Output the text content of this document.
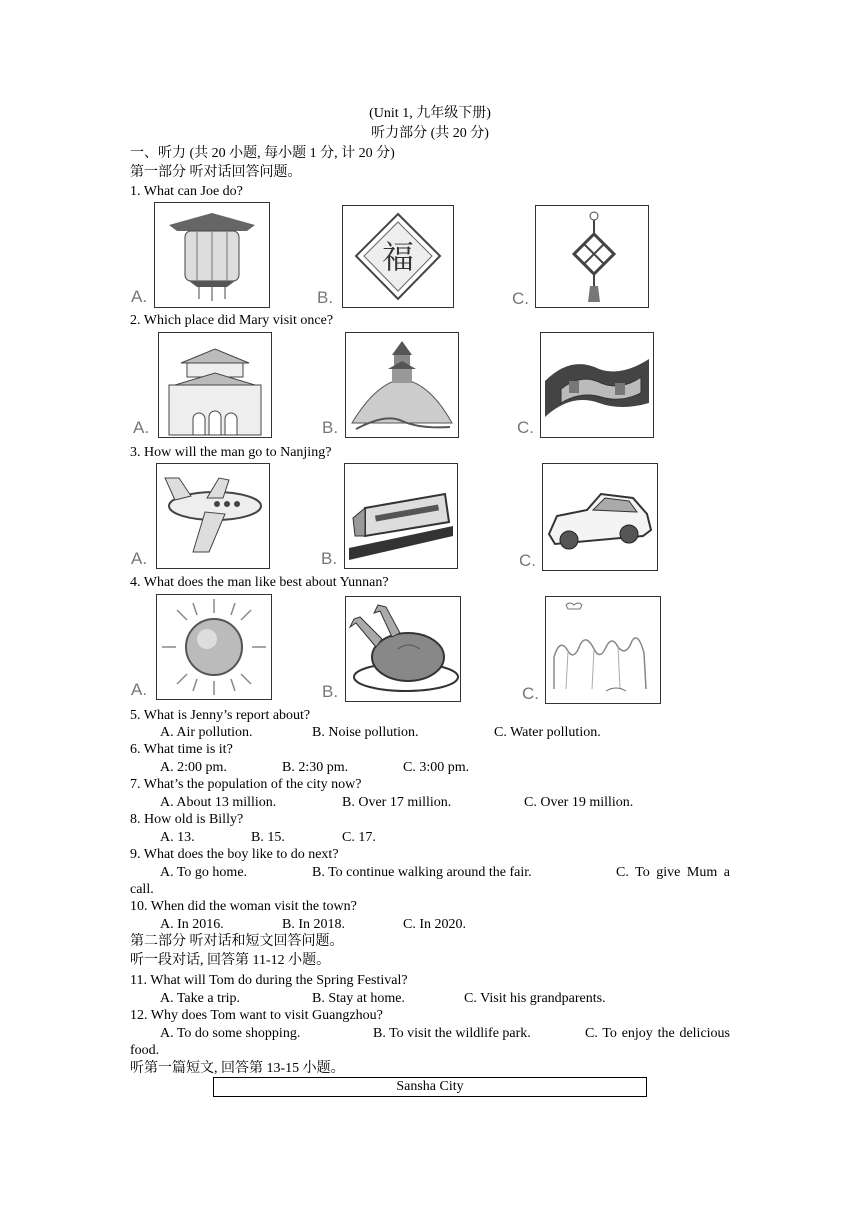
(Unit 1, 九年级下册)
听力部分 (共 20 分)
一、听力 (共 20 小题, 每小题 1 分, 计 20 分)
第一部分 听对话回答问题。
1. What can Joe do?
A.
福
B.	C.
2. Which place did Mary visit once?
A.	B.	C.
3. How will the man go to Nanjing?
A.	B.	C.
4. What does the man like best about Yunnan?
A.	B.	C.
5. What is Jenny’s report about?
A. Air pollution.	B. Noise pollution.	C. Water pollution.
6. What time is it?
A. 2:00 pm.	B. 2:30 pm.	C. 3:00 pm.
7. What’s the population of the city now?
A. About 13 million.	B. Over 17 million.	C. Over 19 million.
8. How old is Billy?
A. 13.	B. 15.	C. 17.
9. What does the boy like to do next?
A. To go home.	B. To continue walking around the fair.	C. To give Mum a call.
10. When did the woman visit the town?
A. In 2016.	B. In 2018.	C. In 2020.
第二部分 听对话和短文回答问题。
听一段对话, 回答第 11-12 小题。
11. What will Tom do during the Spring Festival?
A. Take a trip.	B. Stay at home.	C. Visit his grandparents.
12. Why does Tom want to visit Guangzhou?
A. To do some shopping.	B. To visit the wildlife park.	C. To enjoy the delicious food.
听第一篇短文, 回答第 13-15 小题。
Sansha City
